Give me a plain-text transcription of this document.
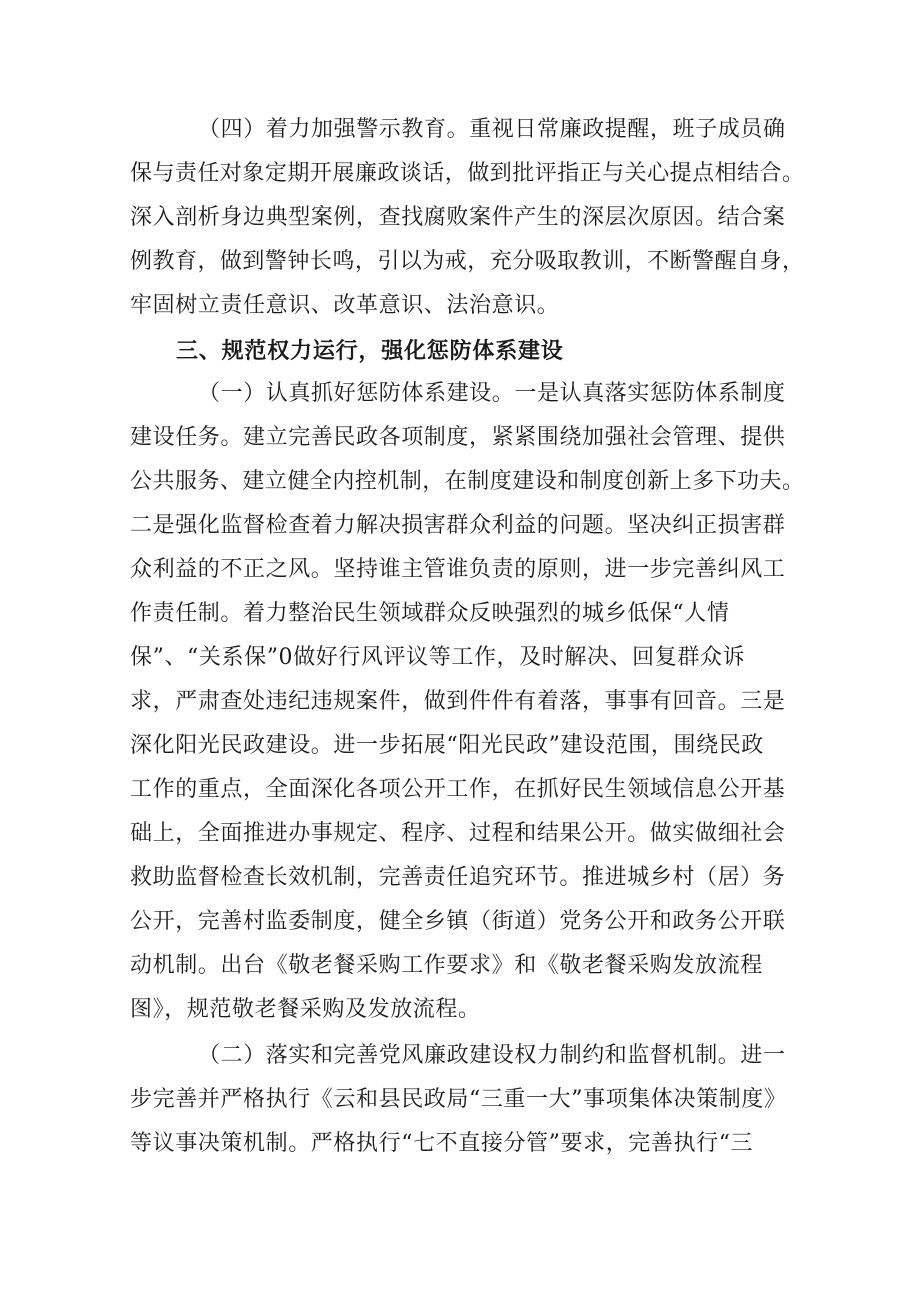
（四）着力加强警示教育。重视日常廉政提醒，班子成员确
保与责任对象定期开展廉政谈话，做到批评指正与关心提点相结合。
深入剖析身边典型案例，查找腐败案件产生的深层次原因。结合案
例教育，做到警钟长鸣，引以为戒，充分吸取教训，不断警醒自身，
牢固树立责任意识、改革意识、法治意识。
三、规范权力运行，强化惩防体系建设
（一）认真抓好惩防体系建设。一是认真落实惩防体系制度
建设任务。建立完善民政各项制度，紧紧围绕加强社会管理、提供
公共服务、建立健全内控机制，在制度建设和制度创新上多下功夫。
二是强化监督检查着力解决损害群众利益的问题。坚决纠正损害群
众利益的不正之风。坚持谁主管谁负责的原则，进一步完善纠风工
作责任制。着力整治民生领域群众反映强烈的城乡低保“人情
保”、“关系保”0做好行风评议等工作，及时解决、回复群众诉
求，严肃查处违纪违规案件，做到件件有着落，事事有回音。三是
深化阳光民政建设。进一步拓展“阳光民政”建设范围，围绕民政
工作的重点，全面深化各项公开工作，在抓好民生领域信息公开基
础上，全面推进办事规定、程序、过程和结果公开。做实做细社会
救助监督检查长效机制，完善责任追究环节。推进城乡村（居）务
公开，完善村监委制度，健全乡镇（街道）党务公开和政务公开联
动机制。出台《敬老餐采购工作要求》和《敬老餐采购发放流程
图》，规范敬老餐采购及发放流程。
（二）落实和完善党风廉政建设权力制约和监督机制。进一
步完善并严格执行《云和县民政局“三重一大”事项集体决策制度》
等议事决策机制。严格执行“七不直接分管”要求，完善执行“三
